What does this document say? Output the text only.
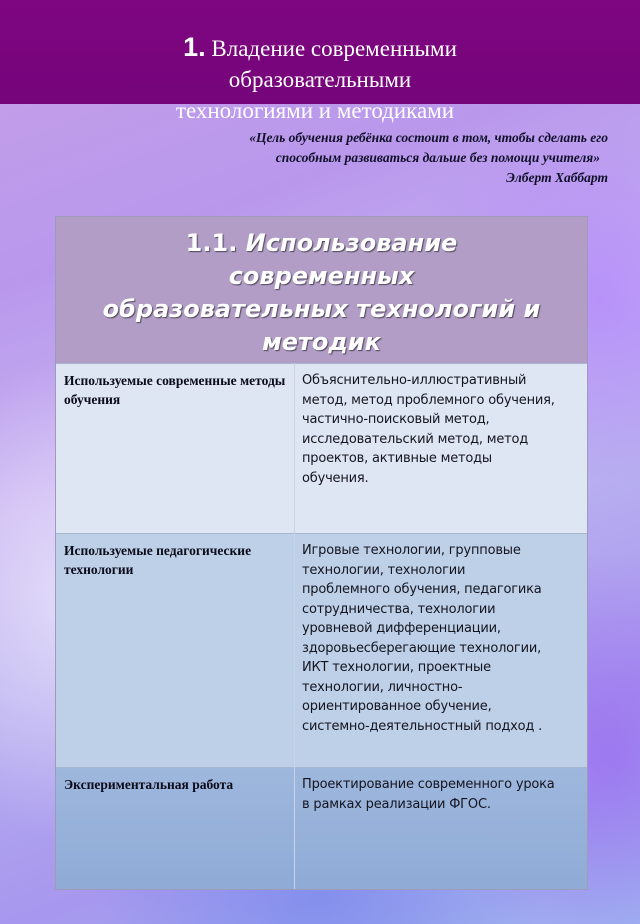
1. Владение современными
образовательными
технологиями и методиками
«Цель обучения ребёнка состоит в том, чтобы сделать его
способным развиваться дальше без помощи учителя»
Элберт Хаббарт
1.1. Использование
современных
образовательных технологий и
методик
Используемые современные методы обучения
Объяснительно-иллюстративный
метод, метод проблемного обучения,
частично-поисковый метод,
исследовательский метод, метод
проектов, активные методы
обучения.
Используемые педагогические технологии
Игровые технологии, групповые
технологии, технологии
проблемного обучения, педагогика
сотрудничества, технологии
уровневой дифференциации,
здоровьесберегающие технологии,
ИКТ технологии, проектные
технологии, личностно-
ориентированное обучение,
системно-деятельностный подход .
Экспериментальная работа	Проектирование современного урока
в рамках реализации ФГОС.
